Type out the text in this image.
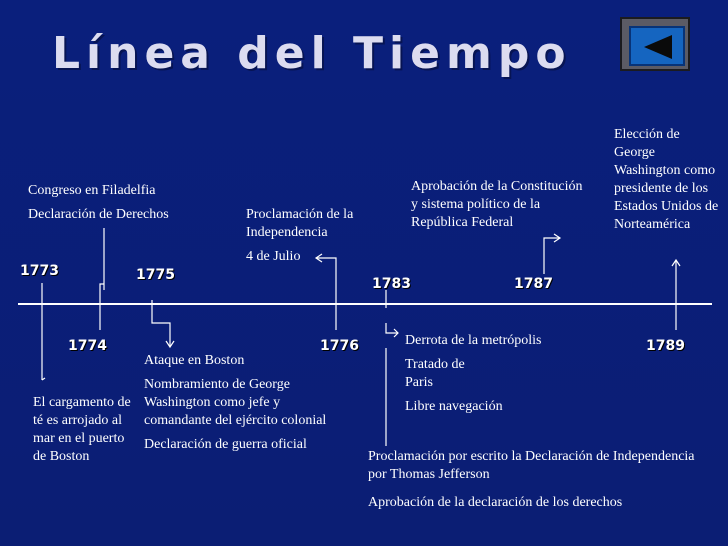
Línea del Tiempo
1773
1774
1775
1776
1783	1787
1789

Congreso en Filadelfia

Declaración de Derechos

El cargamento de té es arrojado al mar en el puerto de Boston

Ataque en Boston

Nombramiento de George Washington como jefe y comandante del ejército colonial

Declaración de guerra oficial

Proclamación de la Independencia

4 de Julio

Proclamación por escrito la Declaración de Independencia por Thomas Jefferson

Aprobación de la declaración de los derechos

Derrota de la metrópolis

Tratado de Paris

Libre navegación

Aprobación de la Constitución y sistema político de la República Federal

Elección de George Washington como presidente de los Estados Unidos de Norteamérica
